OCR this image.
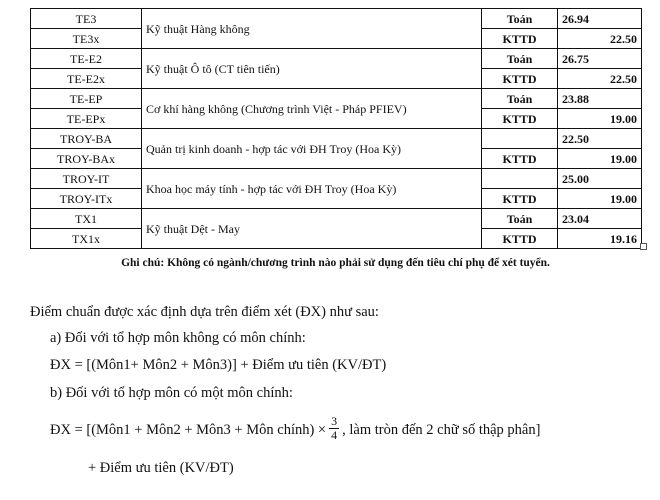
TE3	Kỹ thuật Hàng không	Toán	26.94
TE3x		KTTD	22.50
TE-E2	Kỹ thuật Ô tô (CT tiên tiến)	Toán	26.75
TE-E2x		KTTD	22.50
TE-EP	Cơ khí hàng không (Chương trình Việt - Pháp PFIEV)	Toán	23.88
TE-EPx		KTTD	19.00
TROY-BA	Quản trị kinh doanh - hợp tác với ĐH Troy (Hoa Kỳ)		22.50
TROY-BAx		KTTD	19.00
TROY-IT	Khoa học máy tính - hợp tác với ĐH Troy (Hoa Kỳ)		25.00
TROY-ITx		KTTD	19.00
TX1	Kỹ thuật Dệt - May	Toán	23.04
TX1x		KTTD	19.16
Ghi chú: Không có ngành/chương trình nào phải sử dụng đến tiêu chí phụ để xét tuyển.
Điểm chuẩn được xác định dựa trên điểm xét (ĐX) như sau:
a) Đối với tổ hợp môn không có môn chính:
ĐX = [(Môn1+ Môn2 + Môn3)] + Điểm ưu tiên (KV/ĐT)
b) Đối với tổ hợp môn có một môn chính:
ĐX = [(Môn1 + Môn2 + Môn3 + Môn chính) × $\frac{3}{4}$ , làm tròn đến 2 chữ số thập phân]
+ Điểm ưu tiên (KV/ĐT)
